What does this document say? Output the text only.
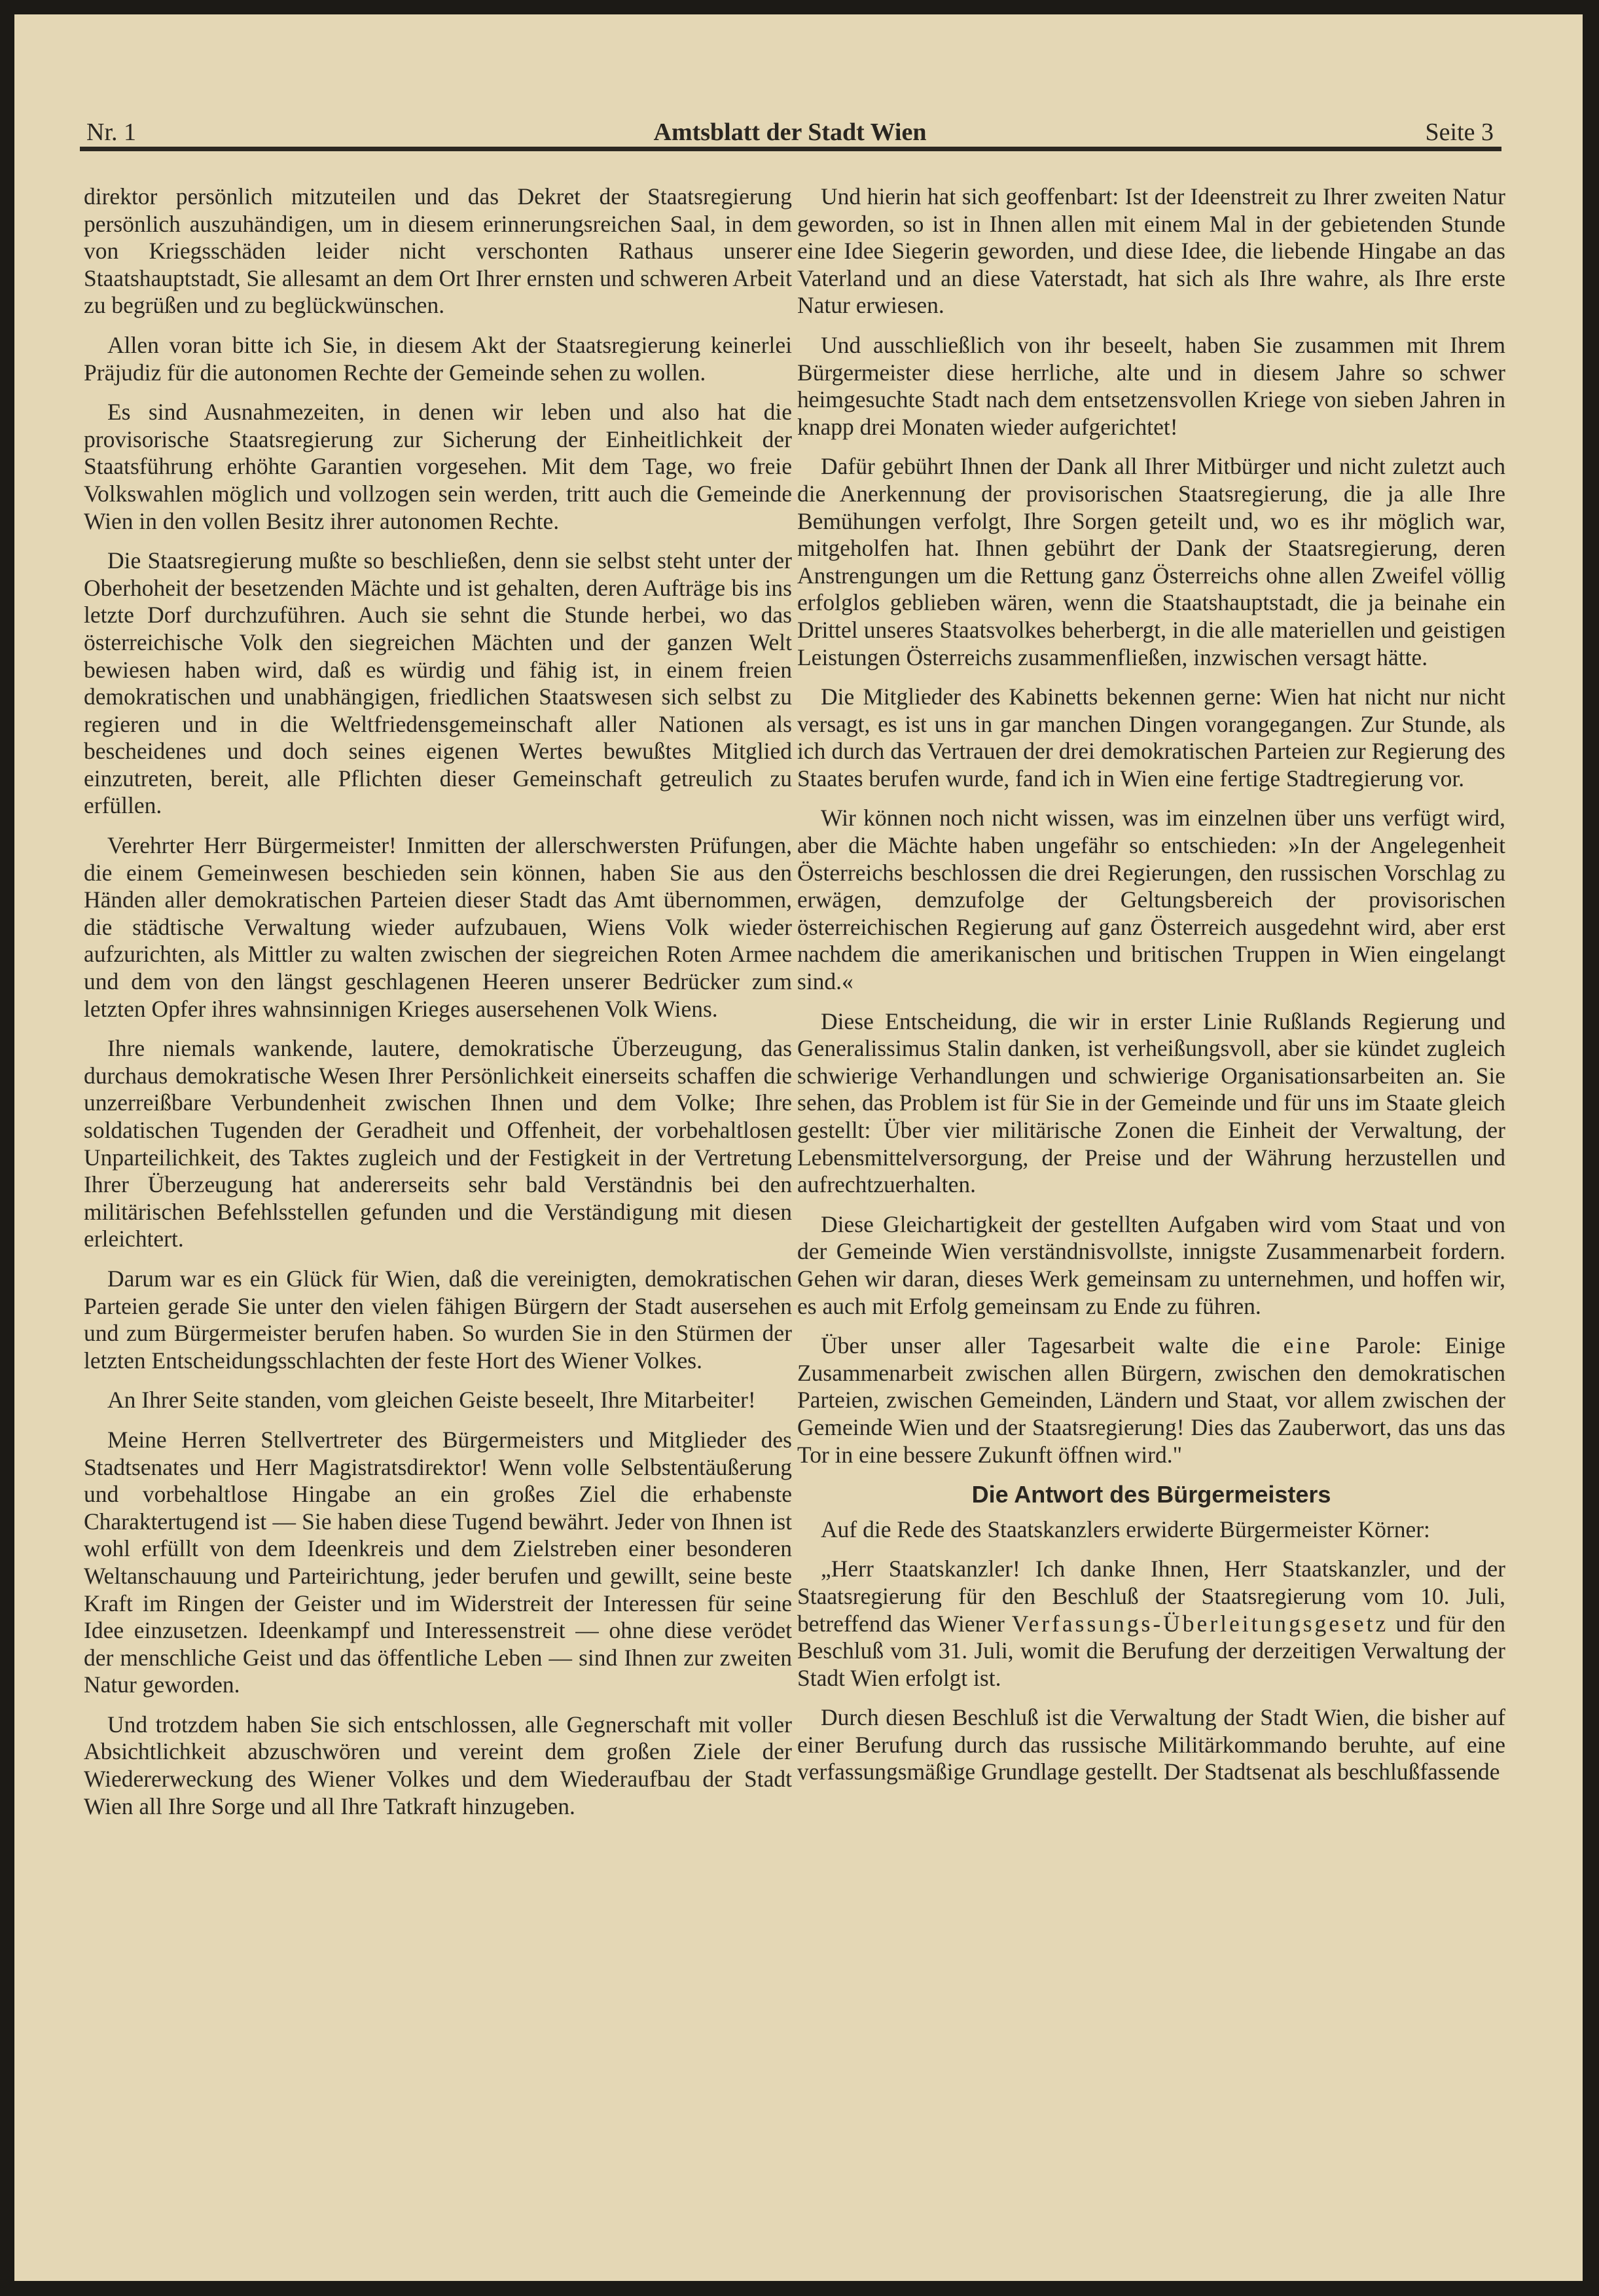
Nr. 1	Amtsblatt der Stadt Wien	Seite 3

direktor persönlich mitzuteilen und das Dekret der Staatsregierung persönlich auszuhändigen, um in diesem erinnerungsreichen Saal, in dem von Kriegsschäden leider nicht verschonten Rathaus unserer Staatshauptstadt, Sie allesamt an dem Ort Ihrer ernsten und schweren Arbeit zu begrüßen und zu beglückwünschen.

Allen voran bitte ich Sie, in diesem Akt der Staatsregierung keinerlei Präjudiz für die autonomen Rechte der Gemeinde sehen zu wollen.

Es sind Ausnahmezeiten, in denen wir leben und also hat die provisorische Staatsregierung zur Sicherung der Einheitlichkeit der Staatsführung erhöhte Garantien vorgesehen. Mit dem Tage, wo freie Volkswahlen möglich und vollzogen sein werden, tritt auch die Gemeinde Wien in den vollen Besitz ihrer autonomen Rechte.

Die Staatsregierung mußte so beschließen, denn sie selbst steht unter der Oberhoheit der besetzenden Mächte und ist gehalten, deren Aufträge bis ins letzte Dorf durchzuführen. Auch sie sehnt die Stunde herbei, wo das österreichische Volk den siegreichen Mächten und der ganzen Welt bewiesen haben wird, daß es würdig und fähig ist, in einem freien demokratischen und unabhängigen, friedlichen Staatswesen sich selbst zu regieren und in die Weltfriedensgemeinschaft aller Nationen als bescheidenes und doch seines eigenen Wertes bewußtes Mitglied einzutreten, bereit, alle Pflichten dieser Gemeinschaft getreulich zu erfüllen.

Verehrter Herr Bürgermeister! Inmitten der allerschwersten Prüfungen, die einem Gemeinwesen beschieden sein können, haben Sie aus den Händen aller demokratischen Parteien dieser Stadt das Amt übernommen, die städtische Verwaltung wieder aufzubauen, Wiens Volk wieder aufzurichten, als Mittler zu walten zwischen der siegreichen Roten Armee und dem von den längst geschlagenen Heeren unserer Bedrücker zum letzten Opfer ihres wahnsinnigen Krieges ausersehenen Volk Wiens.

Ihre niemals wankende, lautere, demokratische Überzeugung, das durchaus demokratische Wesen Ihrer Persönlichkeit einerseits schaffen die unzerreißbare Verbundenheit zwischen Ihnen und dem Volke; Ihre soldatischen Tugenden der Geradheit und Offenheit, der vorbehaltlosen Unparteilichkeit, des Taktes zugleich und der Festigkeit in der Vertretung Ihrer Überzeugung hat andererseits sehr bald Verständnis bei den militärischen Befehlsstellen gefunden und die Verständigung mit diesen erleichtert.

Darum war es ein Glück für Wien, daß die vereinigten, demokratischen Parteien gerade Sie unter den vielen fähigen Bürgern der Stadt ausersehen und zum Bürgermeister berufen haben. So wurden Sie in den Stürmen der letzten Entscheidungsschlachten der feste Hort des Wiener Volkes.

An Ihrer Seite standen, vom gleichen Geiste beseelt, Ihre Mitarbeiter!

Meine Herren Stellvertreter des Bürgermeisters und Mitglieder des Stadtsenates und Herr Magistratsdirektor! Wenn volle Selbstentäußerung und vorbehaltlose Hingabe an ein großes Ziel die erhabenste Charaktertugend ist — Sie haben diese Tugend bewährt. Jeder von Ihnen ist wohl erfüllt von dem Ideenkreis und dem Zielstreben einer besonderen Weltanschauung und Parteirichtung, jeder berufen und gewillt, seine beste Kraft im Ringen der Geister und im Widerstreit der Interessen für seine Idee einzusetzen. Ideenkampf und Interessenstreit — ohne diese verödet der menschliche Geist und das öffentliche Leben — sind Ihnen zur zweiten Natur geworden.

Und trotzdem haben Sie sich entschlossen, alle Gegnerschaft mit voller Absichtlichkeit abzuschwören und vereint dem großen Ziele der Wiedererweckung des Wiener Volkes und dem Wiederaufbau der Stadt Wien all Ihre Sorge und all Ihre Tatkraft hinzugeben.

Und hierin hat sich geoffenbart: Ist der Ideenstreit zu Ihrer zweiten Natur geworden, so ist in Ihnen allen mit einem Mal in der gebietenden Stunde eine Idee Siegerin geworden, und diese Idee, die liebende Hingabe an das Vaterland und an diese Vaterstadt, hat sich als Ihre wahre, als Ihre erste Natur erwiesen.

Und ausschließlich von ihr beseelt, haben Sie zusammen mit Ihrem Bürgermeister diese herrliche, alte und in diesem Jahre so schwer heimgesuchte Stadt nach dem entsetzensvollen Kriege von sieben Jahren in knapp drei Monaten wieder aufgerichtet!

Dafür gebührt Ihnen der Dank all Ihrer Mitbürger und nicht zuletzt auch die Anerkennung der provisorischen Staatsregierung, die ja alle Ihre Bemühungen verfolgt, Ihre Sorgen geteilt und, wo es ihr möglich war, mitgeholfen hat. Ihnen gebührt der Dank der Staatsregierung, deren Anstrengungen um die Rettung ganz Österreichs ohne allen Zweifel völlig erfolglos geblieben wären, wenn die Staatshauptstadt, die ja beinahe ein Drittel unseres Staatsvolkes beherbergt, in die alle materiellen und geistigen Leistungen Österreichs zusammenfließen, inzwischen versagt hätte.

Die Mitglieder des Kabinetts bekennen gerne: Wien hat nicht nur nicht versagt, es ist uns in gar manchen Dingen vorangegangen. Zur Stunde, als ich durch das Vertrauen der drei demokratischen Parteien zur Regierung des Staates berufen wurde, fand ich in Wien eine fertige Stadtregierung vor.

Wir können noch nicht wissen, was im einzelnen über uns verfügt wird, aber die Mächte haben ungefähr so entschieden: »In der Angelegenheit Österreichs beschlossen die drei Regierungen, den russischen Vorschlag zu erwägen, demzufolge der Geltungsbereich der provisorischen österreichischen Regierung auf ganz Österreich ausgedehnt wird, aber erst nachdem die amerikanischen und britischen Truppen in Wien eingelangt sind.«

Diese Entscheidung, die wir in erster Linie Rußlands Regierung und Generalissimus Stalin danken, ist verheißungsvoll, aber sie kündet zugleich schwierige Verhandlungen und schwierige Organisationsarbeiten an. Sie sehen, das Problem ist für Sie in der Gemeinde und für uns im Staate gleich gestellt: Über vier militärische Zonen die Einheit der Verwaltung, der Lebensmittelversorgung, der Preise und der Währung herzustellen und aufrechtzuerhalten.

Diese Gleichartigkeit der gestellten Aufgaben wird vom Staat und von der Gemeinde Wien verständnisvollste, innigste Zusammenarbeit fordern. Gehen wir daran, dieses Werk gemeinsam zu unternehmen, und hoffen wir, es auch mit Erfolg gemeinsam zu Ende zu führen.

Über unser aller Tagesarbeit walte die eine Parole: Einige Zusammenarbeit zwischen allen Bürgern, zwischen den demokratischen Parteien, zwischen Gemeinden, Ländern und Staat, vor allem zwischen der Gemeinde Wien und der Staatsregierung! Dies das Zauberwort, das uns das Tor in eine bessere Zukunft öffnen wird."

Die Antwort des Bürgermeisters

Auf die Rede des Staatskanzlers erwiderte Bürgermeister Körner:

„Herr Staatskanzler! Ich danke Ihnen, Herr Staatskanzler, und der Staatsregierung für den Beschluß der Staatsregierung vom 10. Juli, betreffend das Wiener Verfassungs-Überleitungsgesetz und für den Beschluß vom 31. Juli, womit die Berufung der derzeitigen Verwaltung der Stadt Wien erfolgt ist.

Durch diesen Beschluß ist die Verwaltung der Stadt Wien, die bisher auf einer Berufung durch das russische Militärkommando beruhte, auf eine verfassungsmäßige Grundlage gestellt. Der Stadtsenat als beschlußfassende
